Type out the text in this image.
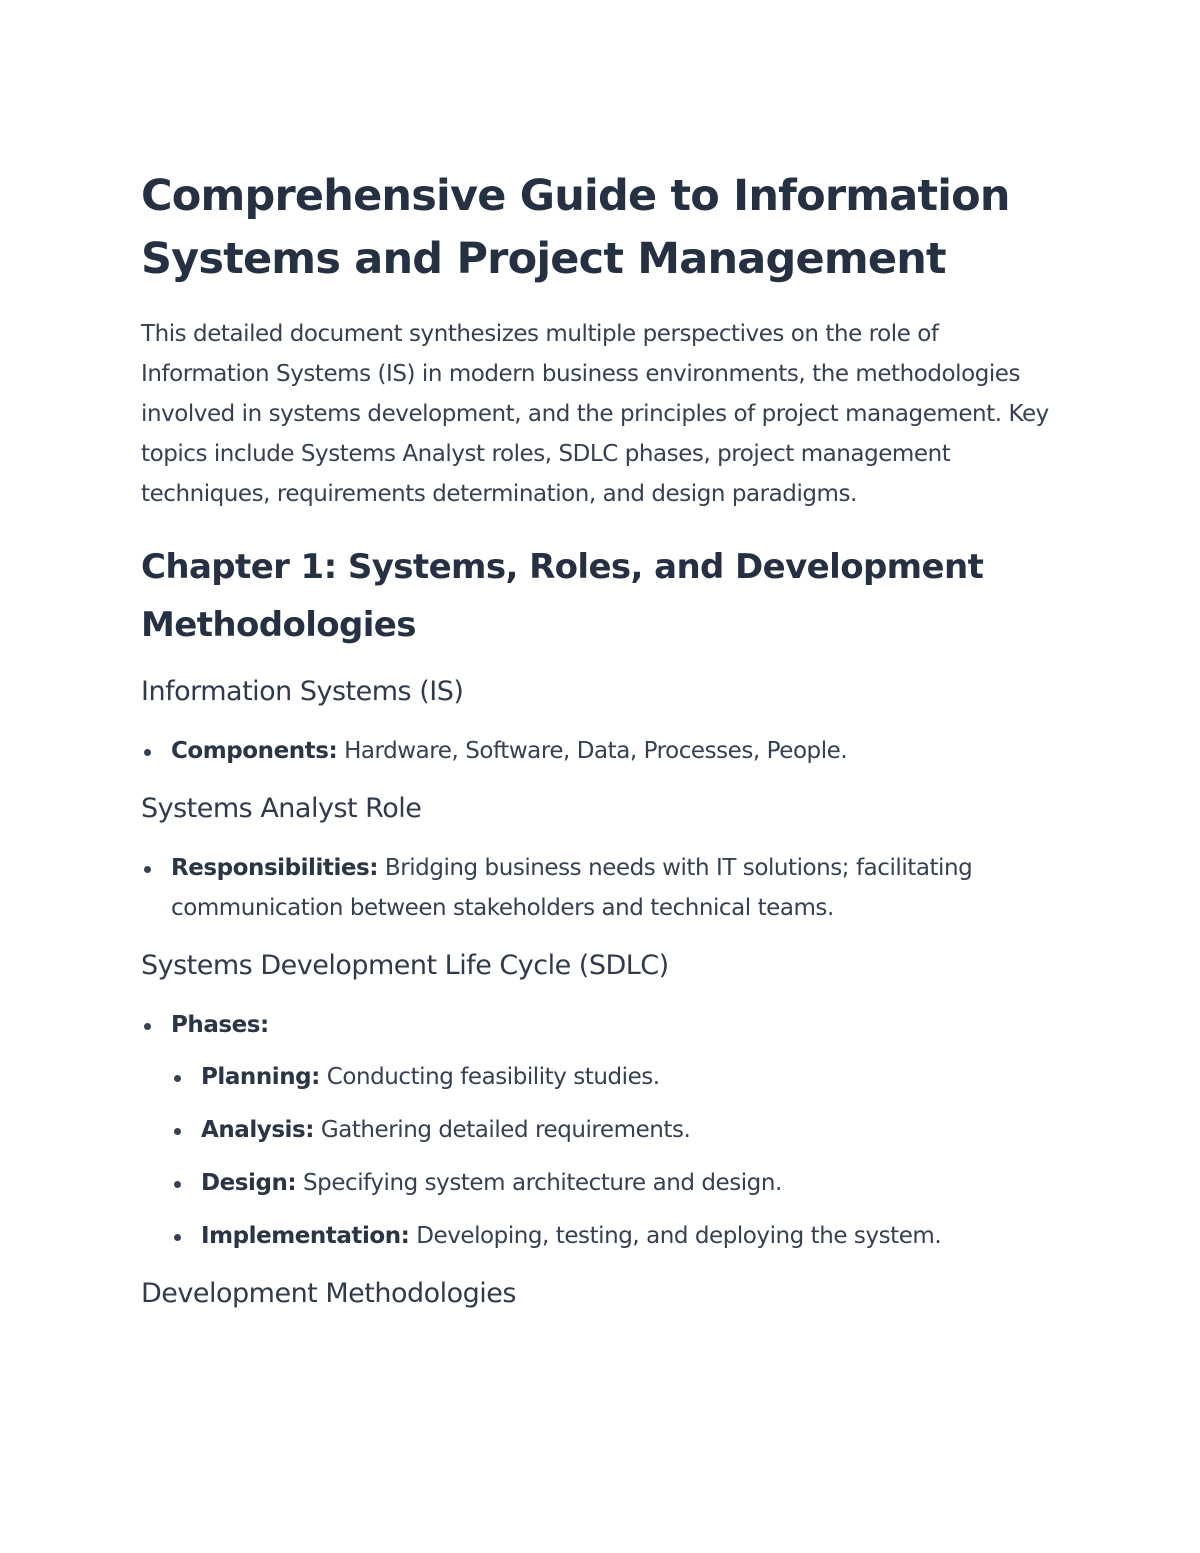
Comprehensive Guide to Information Systems and Project Management

This detailed document synthesizes multiple perspectives on the role of Information Systems (IS) in modern business environments, the methodologies involved in systems development, and the principles of project management. Key topics include Systems Analyst roles, SDLC phases, project management techniques, requirements determination, and design paradigms.

Chapter 1: Systems, Roles, and Development Methodologies
Information Systems (IS)
Components: Hardware, Software, Data, Processes, People.
Systems Analyst Role
Responsibilities: Bridging business needs with IT solutions; facilitating communication between stakeholders and technical teams.
Systems Development Life Cycle (SDLC)
Phases:
Planning: Conducting feasibility studies.
Analysis: Gathering detailed requirements.
Design: Specifying system architecture and design.
Implementation: Developing, testing, and deploying the system.
Development Methodologies
